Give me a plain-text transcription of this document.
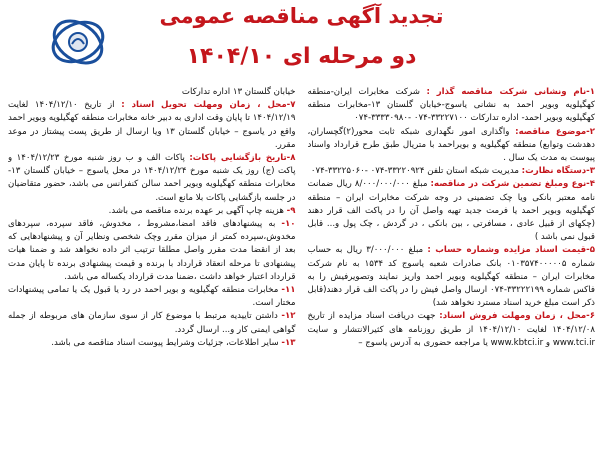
تجدید آگهی مناقصه عمومی
دو مرحله ای ۱۴۰۴/۱۰

۱-نام ونشانی شرکت مناقصه گذار : شرکت مخابرات ایران-منطقه کهگیلویه وبویر احمد به نشانی یاسوج-خیابان گلستان ۱۳-مخابرات منطقه کهگیلویه وبویر احمد- اداره تدارکات ۳۳۲۲۷۱۰۰-۰۷۴ -۳۳۳۳۰۹۸۰-۰۷۴

۲-موضوع مناقصه: واگذاری امور نگهداری شبکه ثابت محور(۲)گچساران، دهدشت وتوابع) منطقه کهگیلویه و بویراحمد با متریال طبق طرح قرارداد واسناد پیوست به مدت یک سال .

۳-دستگاه نظارت: مدیریت شبکه استان تلفن ۳۳۲۲۰۹۲۴-۰۷۴ -۳۳۲۲۵۰۶۰-۰۷۴

۴-نوع ومبلغ تضمین شرکت در مناقصه: مبلغ ۸/۰۰۰/۰۰۰/۰۰۰ ریال ضمانت نامه معتبر بانکی ویا چک تضمینی در وجه شرکت مخابرات ایران – منطقه کهگیلویه وبویر احمد یا فرمت جدید تهیه واصل آن را در پاکت الف قرار دهند (چکهای از قبیل عادی ، مسافرتی ، بین بانکی ، در گردش ، چک پول و... قابل قبول نمی باشد )

۵-قیمت اسناد مزایده وشماره حساب : مبلغ ۳/۰۰۰/۰۰۰ ریال به حساب شماره ۰۱۰۳۵۷۴۰۰۰۰۰۵ بانک صادرات شعبه یاسوج کد ۱۵۳۴ به نام شرکت مخابرات ایران – منطقه کهگیلویه وبویر احمد واریز نمایند وتصویرفیش را به فاکس شماره ۳۳۲۲۲۱۹۹-۰۷۴ ارسال واصل فیش را در پاکت الف قرار دهند(قابل ذکر است مبلغ خرید اسناد مسترد نخواهد شد)

۶-محل ، زمان ومهلت فروش اسناد: جهت دریافت اسناد مزایده از تاریخ ۱۴۰۴/۱۲/۰۸ لغایت ۱۴۰۴/۱۲/۱۰ از طریق روزنامه های کثیرالانتشار و سایت www.tci.ir و www.kbtci.ir یا مراجعه حضوری به آدرس یاسوج –

خیابان گلستان ۱۳ اداره تدارکات

۷-محل ، زمان ومهلت تحویل اسناد : از تاریخ ۱۴۰۴/۱۲/۱۰ لغایت ۱۴۰۴/۱۲/۱۹ تا پایان وقت اداری به دبیر خانه مخابرات منطقه کهگیلویه وبویر احمد واقع در یاسوج – خیابان گلستان ۱۳ ویا ارسال از طریق پست پیشتاز در موعد مقرر.

۸-تاریخ بازگشایی پاکات: پاکات الف و ب روز شنبه مورخ ۱۴۰۴/۱۲/۲۳ و پاکت (ج) روز یک شنبه مورخ ۱۴۰۴/۱۲/۲۴ در محل یاسوج – خیابان گلستان ۱۳- مخابرات منطقه کهگیلویه وبویر احمد سالن کنفرانس می باشد، حضور متقاضیان در جلسه بازگشایی پاکات بلا مانع است.

۹- هزینه چاپ آگهی بر عهده برنده مناقصه می باشد.

۱۰- به پیشنهادهای فاقد امضا،مشروط ، مخدوش، فاقد سپرده، سپردهای مخدوش،سپرده کمتر از میزان مقرر وچک شخصی ونظایر آن و پیشنهادهایی که بعد از انقضا مدت مقرر واصل مطلقا ترتیب اثر داده نخواهد شد و ضمنا هیات پیشنهادی تا مرحله انعقاد قرارداد با برنده و قیمت پیشنهادی برنده تا پایان مدت قرارداد اعتبار خواهد داشت ،ضمنا مدت قرارداد یکساله می باشد.

۱۱- مخابرات منطقه کهگیلویه و بویر احمد در رد یا قبول یک یا تمامی پیشنهادات مختار است.

۱۲- داشتن تاییدیه مرتبط با موضوع کار از سوی سازمان های مربوطه از جمله گواهی ایمنی کار و... ارسال گردد.

۱۳- سایر اطلاعات، جزئیات وشرایط پیوست اسناد مناقصه می باشد.
